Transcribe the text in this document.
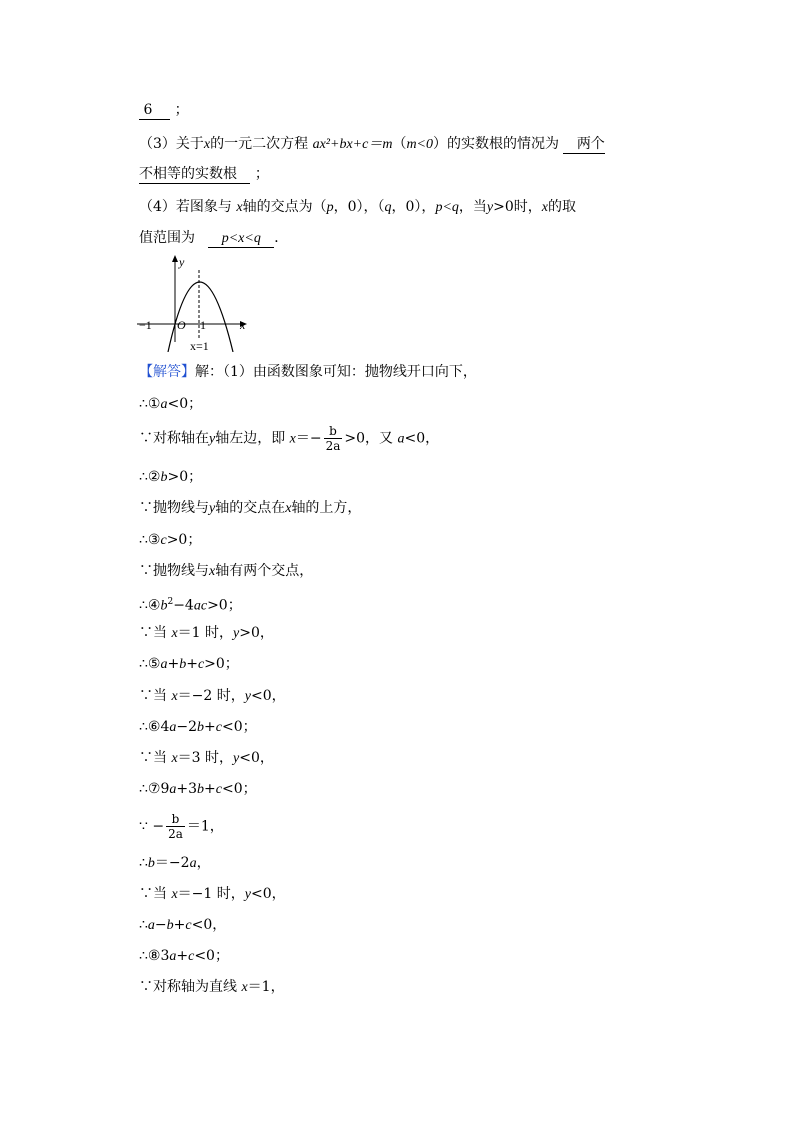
6 ；
（3）关于x的一元二次方程 ax²+bx+c＝m（m<0）的实数根的情况为 两个
不相等的实数根 ；
（4）若图象与 x轴的交点为（p，0），（q，0），p<q，当y>0时，x的取
值范围为 p<x<q ．
y
x
O
−1	1
x=1
【解答】解：（1）由函数图象可知：抛物线开口向下，
∴①a<0；
∵对称轴在y轴左边，即 $x=- \frac{b}{2a} >0$，又 a<0，
∴②b>0；
∵抛物线与y轴的交点在x轴的上方，
∴③c>0；
∵抛物线与x轴有两个交点，
$\therefore ④b^2-4ac>0$；
∵当 x＝1 时，y>0，
∴⑤a+b+c>0；
∵当 x＝−2 时，y<0，
∴⑥4a−2b+c<0；
∵当 x＝3 时，y<0，
∴⑦9a+3b+c<0；
∵ − $\frac{b}{2a} =1$，
∴b＝−2a，
∵当 x＝−1 时，y<0，
∴a−b+c<0，
∴⑧3a+c<0；
∵对称轴为直线 x＝1，
